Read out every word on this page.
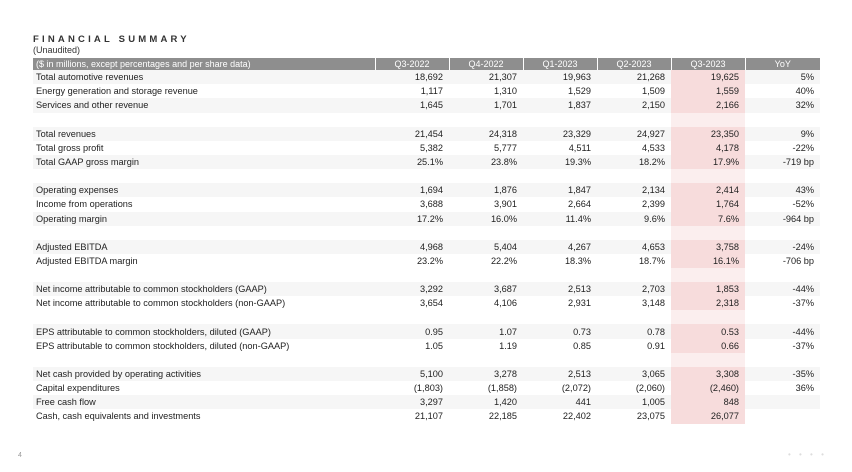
FINANCIAL SUMMARY
(Unaudited)
($ in millions, except percentages and per share data)	Q3-2022	Q4-2022	Q1-2023	Q2-2023	Q3-2023	YoY
Total automotive revenues	18,692	21,307	19,963	21,268	19,625	5%
Energy generation and storage revenue	1,117	1,310	1,529	1,509	1,559	40%
Services and other revenue	1,645	1,701	1,837	2,150	2,166	32%

Total revenues	21,454	24,318	23,329	24,927	23,350	9%
Total gross profit	5,382	5,777	4,511	4,533	4,178	-22%
Total GAAP gross margin	25.1%	23.8%	19.3%	18.2%	17.9%	-719 bp

Operating expenses	1,694	1,876	1,847	2,134	2,414	43%
Income from operations	3,688	3,901	2,664	2,399	1,764	-52%
Operating margin	17.2%	16.0%	11.4%	9.6%	7.6%	-964 bp

Adjusted EBITDA	4,968	5,404	4,267	4,653	3,758	-24%
Adjusted EBITDA margin	23.2%	22.2%	18.3%	18.7%	16.1%	-706 bp

Net income attributable to common stockholders (GAAP)	3,292	3,687	2,513	2,703	1,853	-44%
Net income attributable to common stockholders (non-GAAP)	3,654	4,106	2,931	3,148	2,318	-37%

EPS attributable to common stockholders, diluted (GAAP)	0.95	1.07	0.73	0.78	0.53	-44%
EPS attributable to common stockholders, diluted (non-GAAP)	1.05	1.19	0.85	0.91	0.66	-37%

Net cash provided by operating activities	5,100	3,278	2,513	3,065	3,308	-35%
Capital expenditures	(1,803)	(1,858)	(2,072)	(2,060)	(2,460)	36%
Free cash flow	3,297	1,420	441	1,005	848	
Cash, cash equivalents and investments	21,107	22,185	22,402	23,075	26,077	
4	• • • •
